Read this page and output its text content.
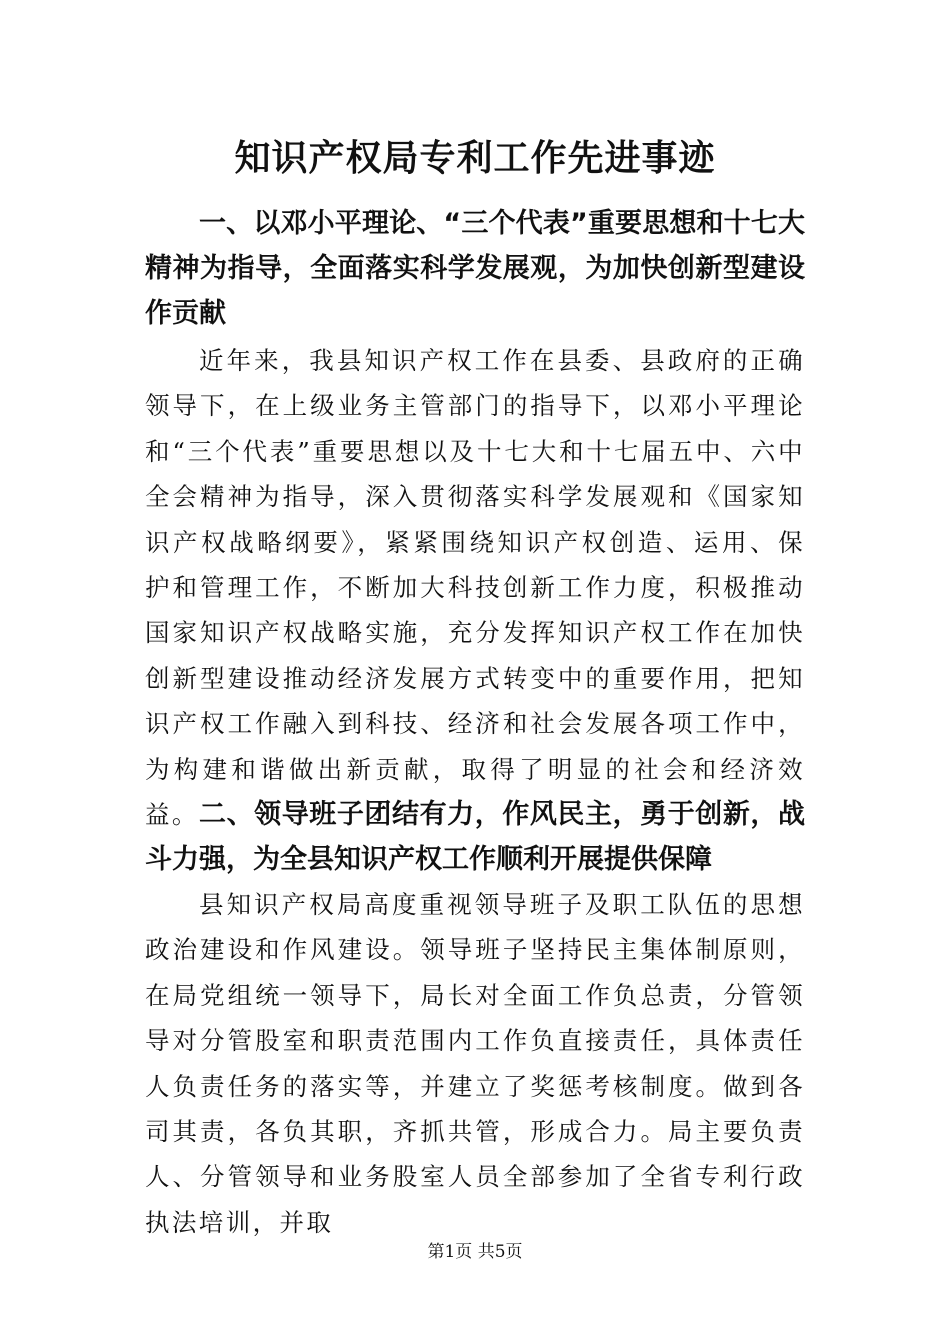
知识产权局专利工作先进事迹

一、以邓小平理论、“三个代表”重要思想和十七大精神为指导，全面落实科学发展观，为加快创新型建设作贡献

近年来，我县知识产权工作在县委、县政府的正确领导下，在上级业务主管部门的指导下，以邓小平理论和“三个代表”重要思想以及十七大和十七届五中、六中全会精神为指导，深入贯彻落实科学发展观和《国家知识产权战略纲要》，紧紧围绕知识产权创造、运用、保护和管理工作，不断加大科技创新工作力度，积极推动国家知识产权战略实施，充分发挥知识产权工作在加快创新型建设推动经济发展方式转变中的重要作用，把知识产权工作融入到科技、经济和社会发展各项工作中，为构建和谐做出新贡献，取得了明显的社会和经济效益。 二、领导班子团结有力，作风民主，勇于创新，战斗力强，为全县知识产权工作顺利开展提供保障

县知识产权局高度重视领导班子及职工队伍的思想政治建设和作风建设。领导班子坚持民主集体制原则，在局党组统一领导下，局长对全面工作负总责，分管领导对分管股室和职责范围内工作负直接责任，具体责任人负责任务的落实等，并建立了奖惩考核制度。做到各司其责，各负其职，齐抓共管，形成合力。局主要负责人、分管领导和业务股室人员全部参加了全省专利行政执法培训，并取

第1页 共5页
